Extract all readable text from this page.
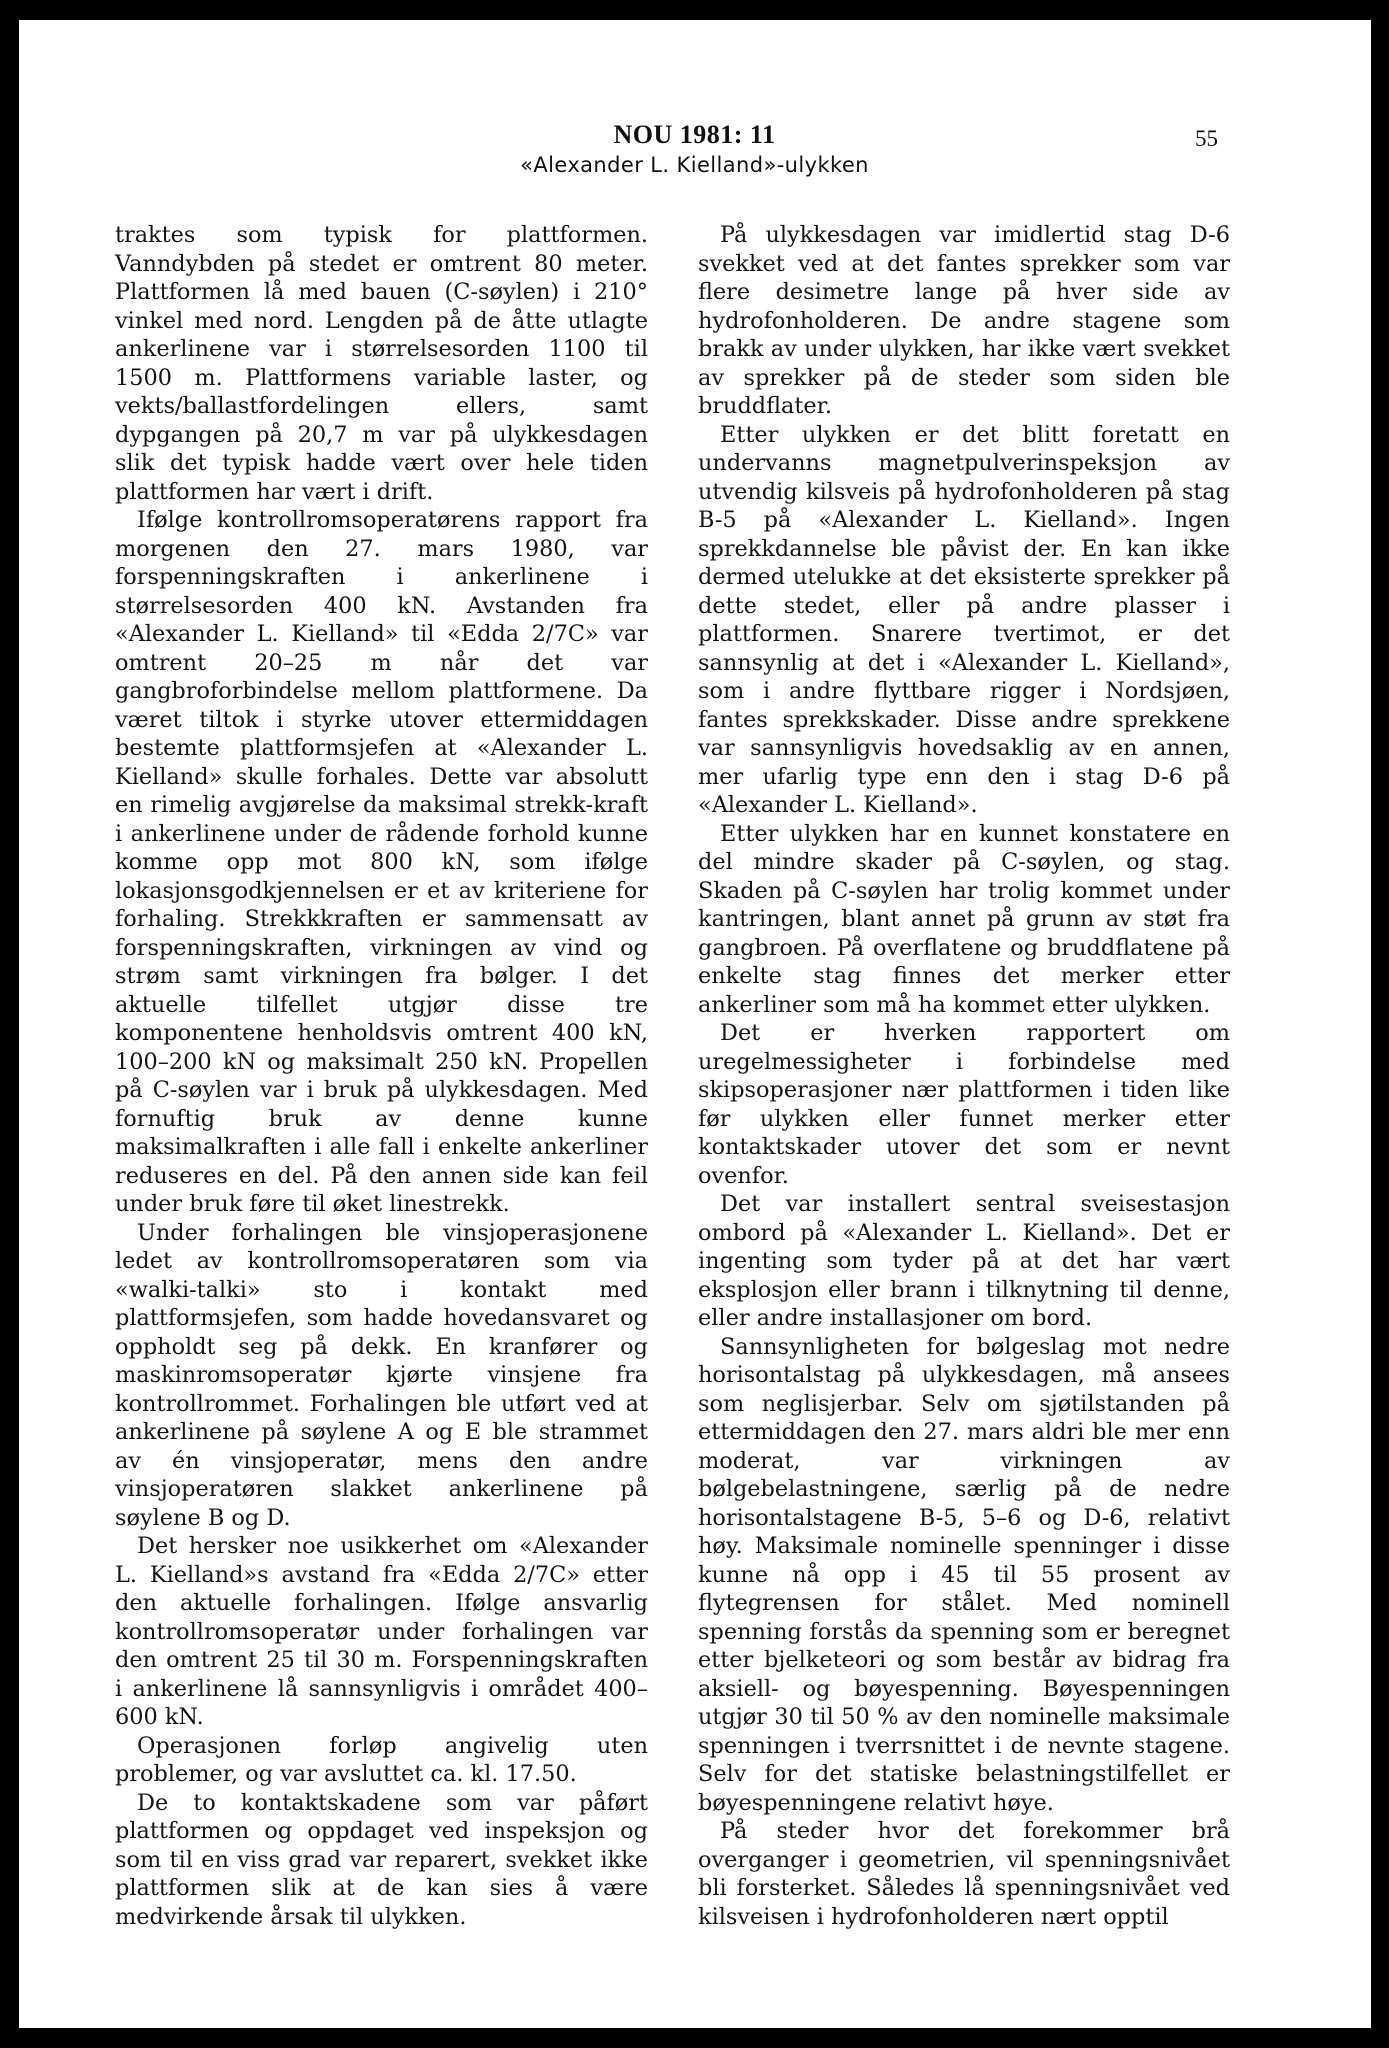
NOU 1981: 11
«Alexander L. Kielland»-ulykken
55

traktes som typisk for plattformen. Vanndybden på stedet er omtrent 80 meter. Plattformen lå med bauen (C-søylen) i 210° vinkel med nord. Lengden på de åtte utlagte ankerlinene var i størrelsesorden 1100 til 1500 m. Plattformens variable laster, og vekts/ballastfordelingen ellers, samt dypgangen på 20,7 m var på ulykkesdagen slik det typisk hadde vært over hele tiden plattformen har vært i drift.

Ifølge kontrollromsoperatørens rapport fra morgenen den 27. mars 1980, var forspenningskraften i ankerlinene i størrelsesorden 400 kN. Avstanden fra «Alexander L. Kielland» til «Edda 2/7C» var omtrent 20–25 m når det var gangbroforbindelse mellom plattformene. Da været tiltok i styrke utover ettermiddagen bestemte plattformsjefen at «Alexander L. Kielland» skulle forhales. Dette var absolutt en rimelig avgjørelse da maksimal strekk-kraft i ankerlinene under de rådende forhold kunne komme opp mot 800 kN, som ifølge lokasjonsgodkjennelsen er et av kriteriene for forhaling. Strekkkraften er sammensatt av forspenningskraften, virkningen av vind og strøm samt virkningen fra bølger. I det aktuelle tilfellet utgjør disse tre komponentene henholdsvis omtrent 400 kN, 100–200 kN og maksimalt 250 kN. Propellen på C-søylen var i bruk på ulykkesdagen. Med fornuftig bruk av denne kunne maksimalkraften i alle fall i enkelte ankerliner reduseres en del. På den annen side kan feil under bruk føre til øket linestrekk.

Under forhalingen ble vinsjoperasjonene ledet av kontrollromsoperatøren som via «walki-talki» sto i kontakt med plattformsjefen, som hadde hovedansvaret og oppholdt seg på dekk. En kranfører og maskinromsoperatør kjørte vinsjene fra kontrollrommet. Forhalingen ble utført ved at ankerlinene på søylene A og E ble strammet av én vinsjoperatør, mens den andre vinsjoperatøren slakket ankerlinene på søylene B og D.

Det hersker noe usikkerhet om «Alexander L. Kielland»s avstand fra «Edda 2/7C» etter den aktuelle forhalingen. Ifølge ansvarlig kontrollromsoperatør under forhalingen var den omtrent 25 til 30 m. Forspenningskraften i ankerlinene lå sannsynligvis i området 400–600 kN.

Operasjonen forløp angivelig uten problemer, og var avsluttet ca. kl. 17.50.

De to kontaktskadene som var påført plattformen og oppdaget ved inspeksjon og som til en viss grad var reparert, svekket ikke plattformen slik at de kan sies å være medvirkende årsak til ulykken.

På ulykkesdagen var imidlertid stag D-6 svekket ved at det fantes sprekker som var flere desimetre lange på hver side av hydrofonholderen. De andre stagene som brakk av under ulykken, har ikke vært svekket av sprekker på de steder som siden ble bruddflater.

Etter ulykken er det blitt foretatt en undervanns magnetpulverinspeksjon av utvendig kilsveis på hydrofonholderen på stag B-5 på «Alexander L. Kielland». Ingen sprekkdannelse ble påvist der. En kan ikke dermed utelukke at det eksisterte sprekker på dette stedet, eller på andre plasser i plattformen. Snarere tvertimot, er det sannsynlig at det i «Alexander L. Kielland», som i andre flyttbare rigger i Nordsjøen, fantes sprekkskader. Disse andre sprekkene var sannsynligvis hovedsaklig av en annen, mer ufarlig type enn den i stag D-6 på «Alexander L. Kielland».

Etter ulykken har en kunnet konstatere en del mindre skader på C-søylen, og stag. Skaden på C-søylen har trolig kommet under kantringen, blant annet på grunn av støt fra gangbroen. På overflatene og bruddflatene på enkelte stag finnes det merker etter ankerliner som må ha kommet etter ulykken.

Det er hverken rapportert om uregelmessigheter i forbindelse med skipsoperasjoner nær plattformen i tiden like før ulykken eller funnet merker etter kontaktskader utover det som er nevnt ovenfor.

Det var installert sentral sveisestasjon ombord på «Alexander L. Kielland». Det er ingenting som tyder på at det har vært eksplosjon eller brann i tilknytning til denne, eller andre installasjoner om bord.

Sannsynligheten for bølgeslag mot nedre horisontalstag på ulykkesdagen, må ansees som neglisjerbar. Selv om sjøtilstanden på ettermiddagen den 27. mars aldri ble mer enn moderat, var virkningen av bølgebelastningene, særlig på de nedre horisontalstagene B-5, 5–6 og D-6, relativt høy. Maksimale nominelle spenninger i disse kunne nå opp i 45 til 55 prosent av flytegrensen for stålet. Med nominell spenning forstås da spenning som er beregnet etter bjelketeori og som består av bidrag fra aksiell- og bøyespenning. Bøyespenningen utgjør 30 til 50 % av den nominelle maksimale spenningen i tverrsnittet i de nevnte stagene. Selv for det statiske belastningstilfellet er bøyespenningene relativt høye.

På steder hvor det forekommer brå overganger i geometrien, vil spenningsnivået bli forsterket. Således lå spenningsnivået ved kilsveisen i hydrofonholderen nært opptil
